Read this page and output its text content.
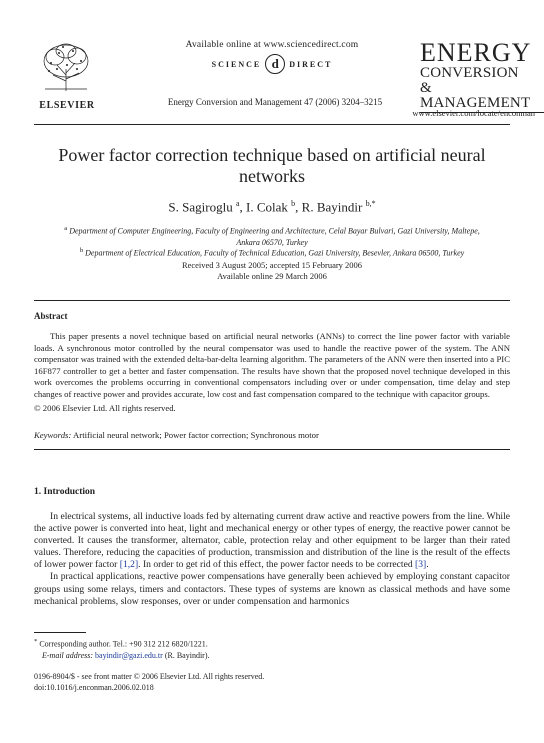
ELSEVIER
Available online at www.sciencedirect.com
SCIENCE d	DIRECT
Energy Conversion and Management 47 (2006) 3204–3215
ENERGY
CONVERSION &
MANAGEMENT
www.elsevier.com/locate/enconman
Power factor correction technique based on artificial neural networks
S. Sagiroglu $^a$, I. Colak $^b$, R. Bayindir $^{b,*}$
$^a$ Department of Computer Engineering, Faculty of Engineering and Architecture, Celal Bayar Bulvari, Gazi University, Maltepe, Ankara 06570, Turkey
$^b$ Department of Electrical Education, Faculty of Technical Education, Gazi University, Besevler, Ankara 06500, Turkey
Received 3 August 2005; accepted 15 February 2006
Available online 29 March 2006
Abstract

This paper presents a novel technique based on artificial neural networks (ANNs) to correct the line power factor with variable loads. A synchronous motor controlled by the neural compensator was used to handle the reactive power of the system. The ANN compensator was trained with the extended delta-bar-delta learning algorithm. The parameters of the ANN were then inserted into a PIC 16F877 controller to get a better and faster compensation. The results have shown that the proposed novel technique developed in this work overcomes the problems occurring in conventional compensators including over or under compensation, time delay and step changes of reactive power and provides accurate, low cost and fast compensation compared to the technique with capacitor groups.

© 2006 Elsevier Ltd. All rights reserved.
Keywords: Artificial neural network; Power factor correction; Synchronous motor
1. Introduction

In electrical systems, all inductive loads fed by alternating current draw active and reactive powers from the line. While the active power is converted into heat, light and mechanical energy or other types of energy, the reactive power cannot be converted. It causes the transformer, alternator, cable, protection relay and other equipment to be larger than their rated values. Therefore, reducing the capacities of production, transmission and distribution of the line is the result of the effects of lower power factor [1,2]. In order to get rid of this effect, the power factor needs to be corrected [3].

In practical applications, reactive power compensations have generally been achieved by employing constant capacitor groups using some relays, timers and contactors. These types of systems are known as classical methods and have some mechanical problems, slow responses, over or under compensation and harmonics

* Corresponding author. Tel.: +90 312 212 6820/1221.
E-mail address: bayindir@gazi.edu.tr (R. Bayindir).
0196-8904/$ - see front matter © 2006 Elsevier Ltd. All rights reserved.
doi:10.1016/j.enconman.2006.02.018
